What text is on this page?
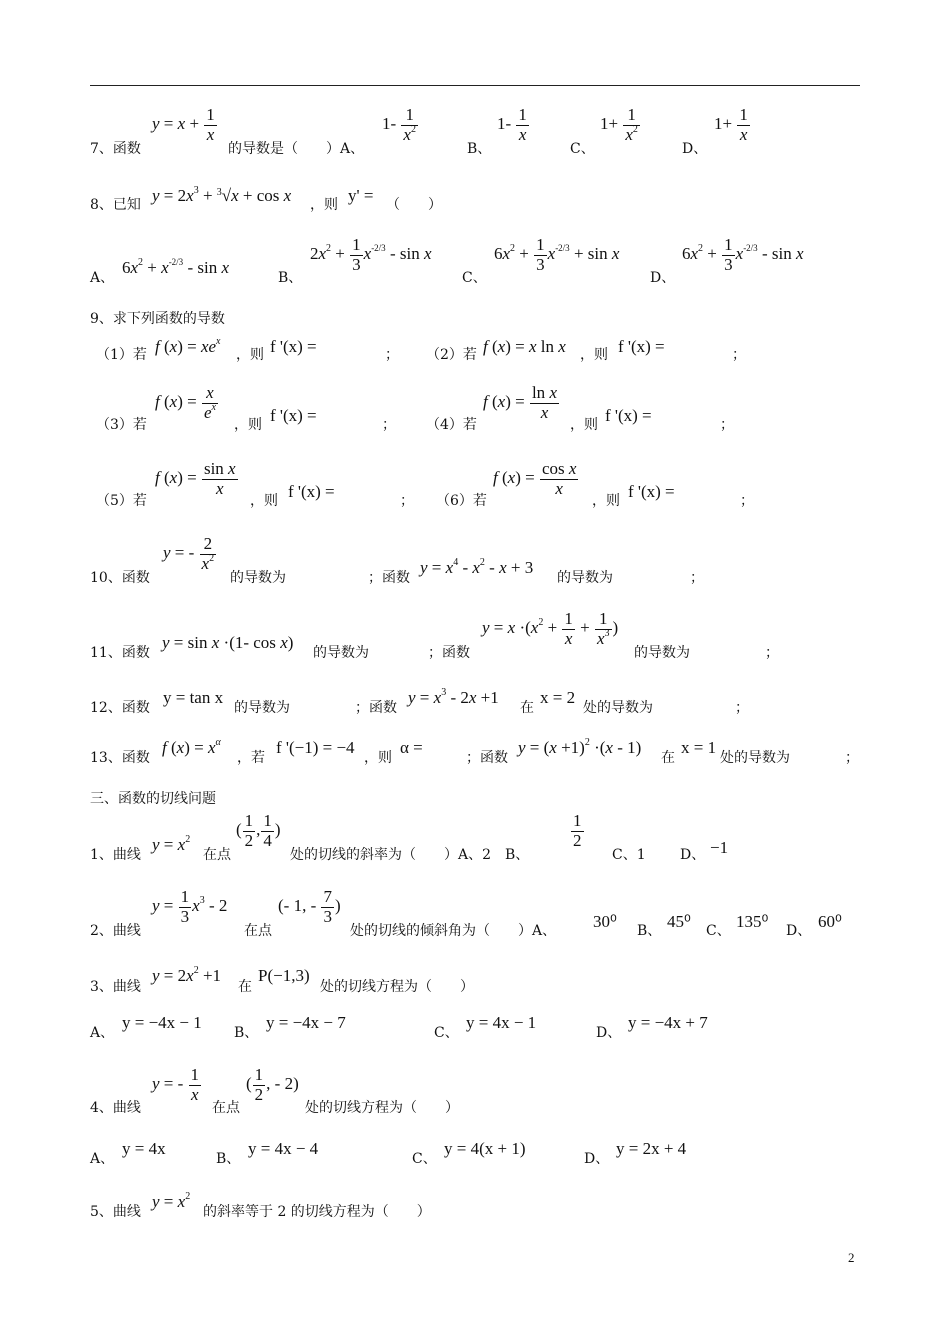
7、函数
$y = x + \frac{1}{x}$
的导数是（　　）A、
$1- \frac{1}{x^2}$
B、
$1- \frac{1}{x}$
C、
$1+ \frac{1}{x^2}$
D、
$1+ \frac{1}{x}$
8、已知 $y = 2x^3 + ^3√x + \cos x$ ，则 y' = （　　）
A、
$6x^2 + x^{-2/3} - \sin x$
B、
$2x^2 + \frac{1}{3} x^{-2/3} - \sin x$
C、
$6x^2 + \frac{1}{3} x^{-2/3} + \sin x$
D、
$6x^2 + \frac{1}{3} x^{-2/3} - \sin x$
9、求下列函数的导数
（1）若 f $(x) = xe^x$
，则 f '(x) =	； （2）若 f (x) = x ln x ，则 f '(x) =	；
（3）若
f $(x) = \frac{x}{e^x}$
，则 f '(x) =	； （4）若
f $(x) = \frac{\text{ln x}}{x}$
，则 f '(x) =	；
（5）若
f $(x) = \frac{\text{sin x}}{x}$
，则 f '(x) =	； （6）若
f $(x) = \frac{\text{cos x}}{x}$
，则 f '(x) =	；
10、函数
y = - $\frac{2}{x^2}$
的导数为	；函数
$y = x^4 - x^2 - x + 3$
的导数为	；
11、函数
y = sin x ·(1- cos x)
的导数为	；函数
$y = x \cdot(x^2 + \frac{1}{x} + \frac{1}{x^3}$ )
的导数为	；
12、函数
y = tan x
的导数为	；函数
$y = x^3 - 2x +1$
在
x = 2
处的导数为	；
13、函数
f $(x) = x^\alpha$
，若
f '(−1) = −4
，则
α =
；函数
$y = (x +1)^2 \cdot(x - 1)$
在
x = 1
处的导数为	；
三、函数的切线问题
1、曲线
$y = x^2$
在点
( $\frac{1}{2}$ , $\frac{1}{4}$ )
处的切线的斜率为（　　）A、2　B、
$\frac{1}{2}$
C、1 D、 −1
2、曲线
$y = \frac{1}{3} x^3 - 2$
在点
(- 1, - $\frac{7}{3}$ )
处的切线的倾斜角为（　　）A、 30⁰ B、 45⁰ C、 135⁰ D、 60⁰
3、曲线
$y = 2x^2 +1$
在
P(−1,3)
处的切线方程为（　　）
A、
y = −4x − 1
B、
y = −4x − 7
C、
y = 4x − 1
D、
y = −4x + 7
4、曲线
y = - $\frac{1}{x}$
在点
( $\frac{1}{2}$ , - 2)
处的切线方程为（　　）
A、
y = 4x
B、
y = 4x − 4
C、
y = 4(x + 1)
D、
y = 2x + 4
5、曲线
$y = x^2$
的斜率等于 2 的切线方程为（　　）
2
